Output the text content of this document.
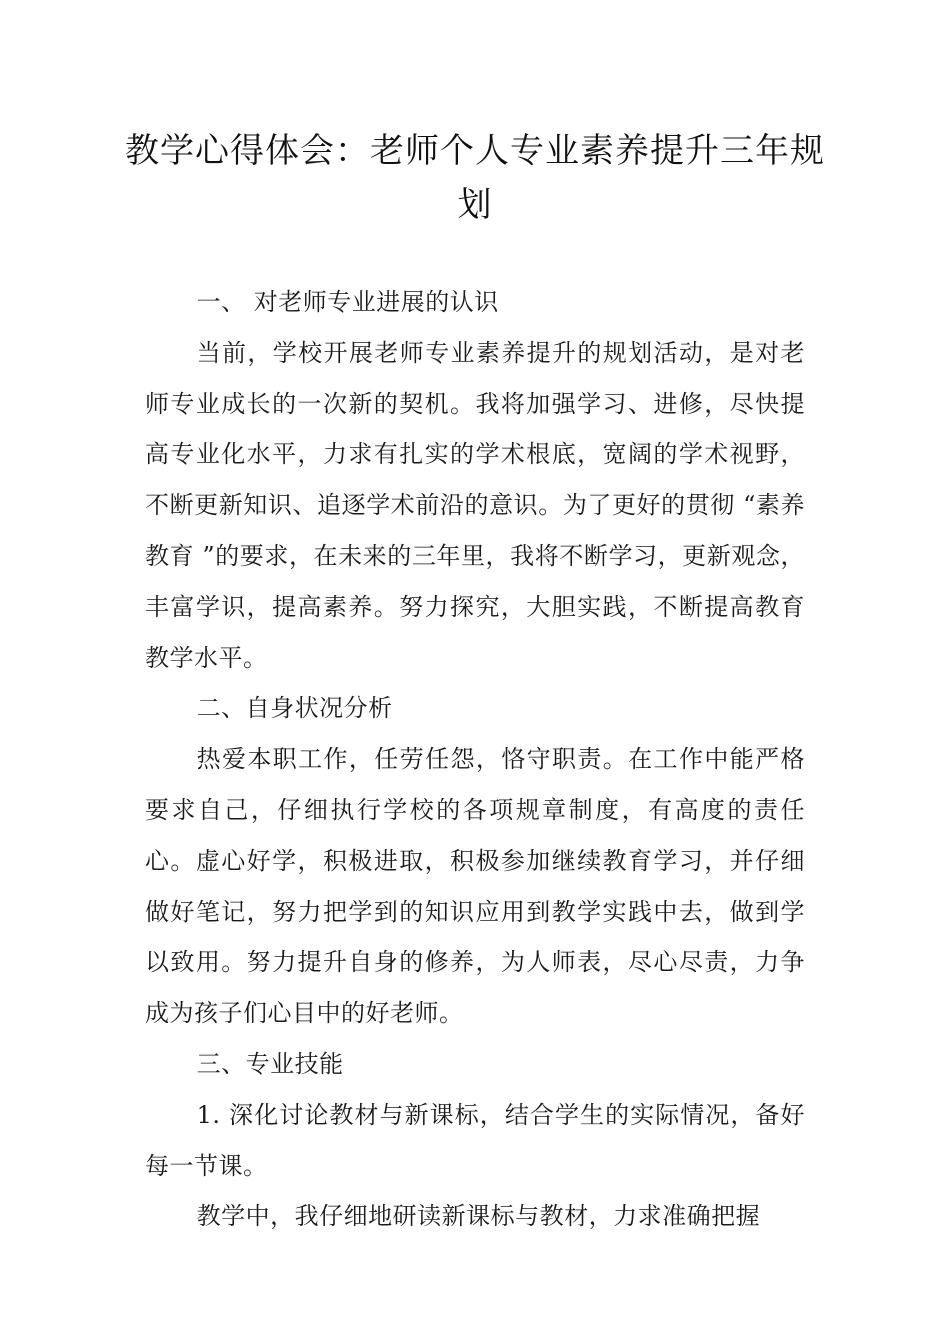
教学心得体会：老师个人专业素养提升三年规划

一、 对老师专业进展的认识

当前，学校开展老师专业素养提升的规划活动，是对老师专业成长的一次新的契机。我将加强学习、进修，尽快提高专业化水平，力求有扎实的学术根底，宽阔的学术视野，不断更新知识、追逐学术前沿的意识。为了更好的贯彻 “素养教育 ”的要求，在未来的三年里，我将不断学习，更新观念，丰富学识，提高素养。努力探究，大胆实践，不断提高教育教学水平。

二、自身状况分析

热爱本职工作，任劳任怨，恪守职责。在工作中能严格要求自己，仔细执行学校的各项规章制度，有高度的责任心。虚心好学，积极进取，积极参加继续教育学习，并仔细做好笔记，努力把学到的知识应用到教学实践中去，做到学以致用。努力提升自身的修养，为人师表，尽心尽责，力争成为孩子们心目中的好老师。

三、专业技能

1. 深化讨论教材与新课标，结合学生的实际情况，备好每一节课。

教学中，我仔细地研读新课标与教材，力求准确把握
